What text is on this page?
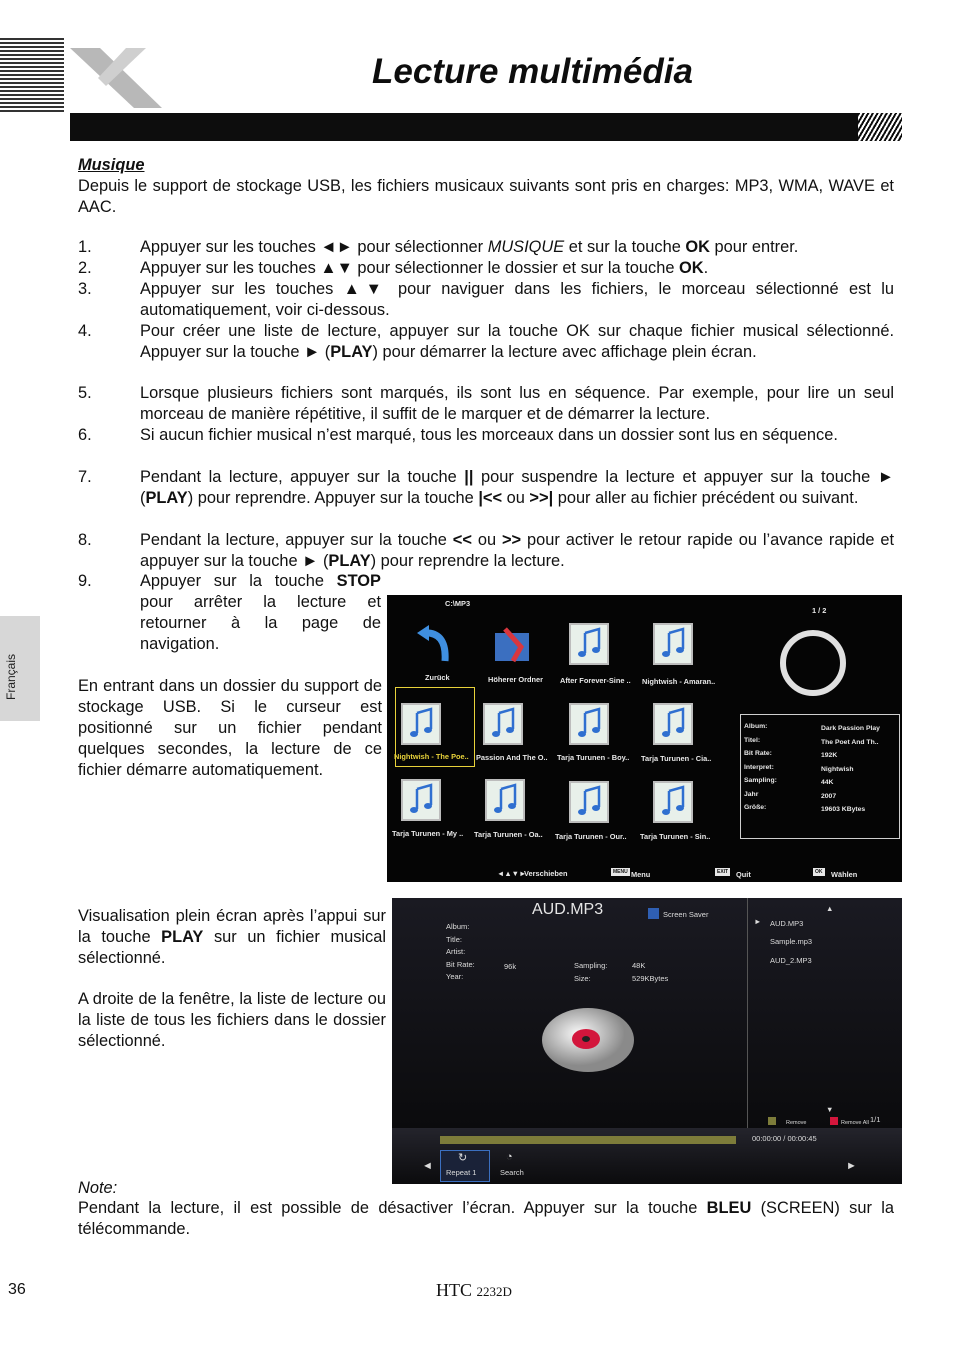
Lecture multimédia
Français
Musique
Depuis le support de stockage USB, les fichiers musicaux suivants sont pris en charges: MP3, WMA, WAVE et AAC.
1.	Appuyer sur les touches ◄► pour sélectionner MUSIQUE et sur la touche OK pour entrer.
2.	Appuyer sur les touches ▲▼ pour sélectionner le dossier et sur la touche OK.
3.	Appuyer sur les touches ▲▼ pour naviguer dans les fichiers, le morceau sélectionné est lu automatiquement, voir ci-dessous.
4.	Pour créer une liste de lecture, appuyer sur la touche OK sur chaque fichier musical sélectionné. Appuyer sur la touche ► (PLAY) pour démarrer la lecture avec affichage plein écran.
5.	Lorsque plusieurs fichiers sont marqués, ils sont lus en séquence. Par exemple, pour lire un seul morceau de manière répétitive, il suffit de le marquer et de démarrer la lecture.
6.	Si aucun fichier musical n’est marqué, tous les morceaux dans un dossier sont lus en séquence.
7.	Pendant la lecture, appuyer sur la touche || pour suspendre la lecture et appuyer sur la touche ► (PLAY) pour reprendre. Appuyer sur la touche |<< ou >>| pour aller au fichier précédent ou suivant.
8.	Pendant la lecture, appuyer sur la touche << ou >> pour activer le retour rapide ou l’avance rapide et appuyer sur la touche ► (PLAY) pour reprendre la lecture.
9.	Appuyer sur la touche STOP pour arrêter la lecture et retourner à la page de navigation.
En entrant dans un dossier du support de stockage USB. Si le curseur est positionné sur un fichier pendant quelques secondes, la lecture de ce fichier démarre automatiquement.
Visualisation plein écran après l’appui sur la touche PLAY sur un fichier musical sélectionné.
A droite de la fenêtre, la liste de lecture ou la liste de tous les fichiers dans le dossier sélectionné.
Note:
Pendant la lecture, il est possible de désactiver l’écran. Appuyer sur la touche BLEU (SCREEN) sur la télécommande.
C:\MP3
1 / 2
Zurück	Höherer Ordner After Forever-Sine .. Nightwish - Amaran..
Nightwish - The Poe.. Passion And The O.. Tarja Turunen - Boy.. Tarja Turunen - Cia..
Tarja Turunen - My .. Tarja Turunen - Oa.. Tarja Turunen - Our.. Tarja Turunen - Sin..
◄▲▼►
Verschieben	MENU Menu	EXIT Quit	OK Wählen
Album:	Dark Passion Play
Titel:	The Poet And Th..
Bit Rate:	192K
Interpret:	Nightwish
Sampling:	44K
Jahr	2007
Größe:	19603 KBytes
AUD.MP3	Screen Saver
Sampling:	48K
Size:	529KBytes
▲
► AUD.MP3
Sample.mp3
AUD_2.MP3
▼
Remove	Remove All 1/1
00:00:00 / 00:00:45
◄
↻
Repeat 1
◔
Search
►
Album:
Title:
Artist:
Bit Rate:	96k
Year:
36	HTC 2232D
